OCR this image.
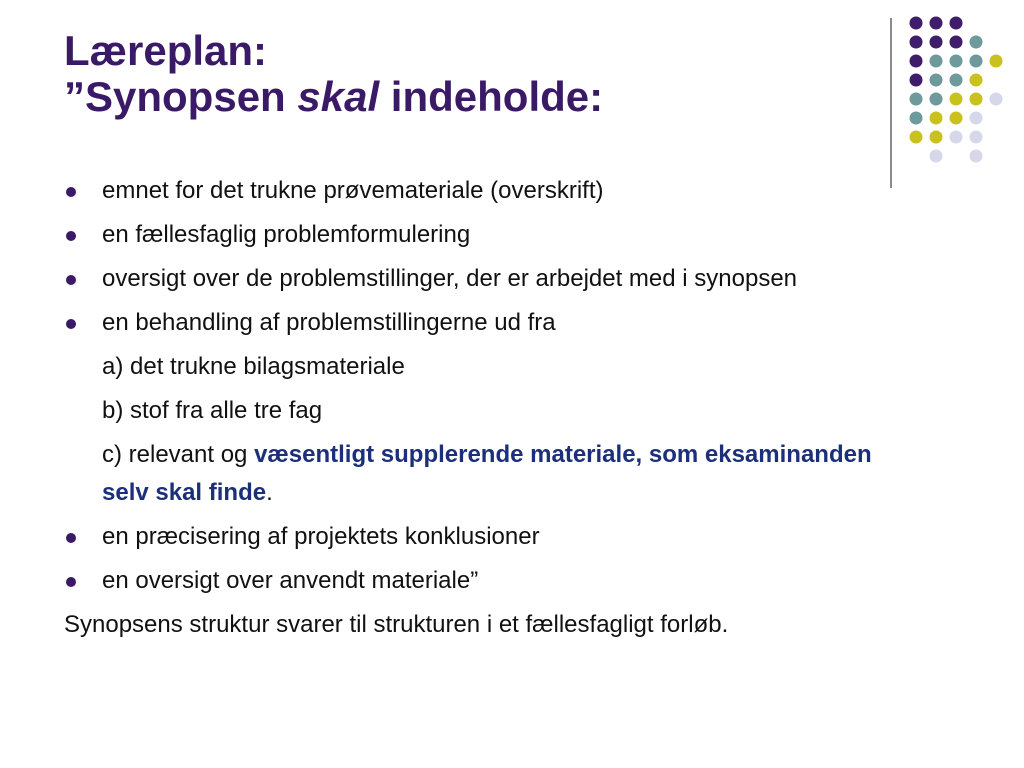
Læreplan:
”Synopsen skal indeholde:
emnet for det trukne prøvemateriale (overskrift)
en fællesfaglig problemformulering
oversigt over de problemstillinger, der er arbejdet med i synopsen
en behandling af problemstillingerne ud fra
a) det trukne bilagsmateriale
b) stof fra alle tre fag
c) relevant og væsentligt supplerende materiale, som eksaminanden selv skal finde.
en præcisering af projektets konklusioner
en oversigt over anvendt materiale”

Synopsens struktur svarer til strukturen i et fællesfagligt forløb.
